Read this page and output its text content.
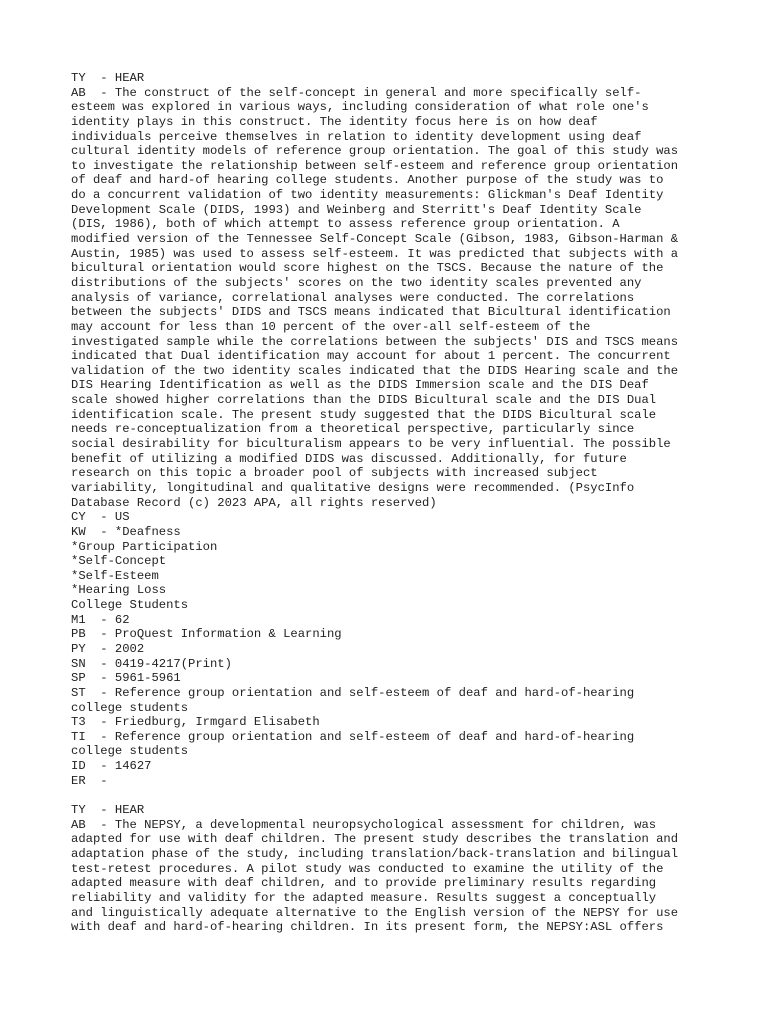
TY  - HEAR
AB  - The construct of the self-concept in general and more specifically self-
esteem was explored in various ways, including consideration of what role one's
identity plays in this construct. The identity focus here is on how deaf
individuals perceive themselves in relation to identity development using deaf
cultural identity models of reference group orientation. The goal of this study was
to investigate the relationship between self-esteem and reference group orientation
of deaf and hard-of hearing college students. Another purpose of the study was to
do a concurrent validation of two identity measurements: Glickman's Deaf Identity
Development Scale (DIDS, 1993) and Weinberg and Sterritt's Deaf Identity Scale
(DIS, 1986), both of which attempt to assess reference group orientation. A
modified version of the Tennessee Self-Concept Scale (Gibson, 1983, Gibson-Harman &
Austin, 1985) was used to assess self-esteem. It was predicted that subjects with a
bicultural orientation would score highest on the TSCS. Because the nature of the
distributions of the subjects' scores on the two identity scales prevented any
analysis of variance, correlational analyses were conducted. The correlations
between the subjects' DIDS and TSCS means indicated that Bicultural identification
may account for less than 10 percent of the over-all self-esteem of the
investigated sample while the correlations between the subjects' DIS and TSCS means
indicated that Dual identification may account for about 1 percent. The concurrent
validation of the two identity scales indicated that the DIDS Hearing scale and the
DIS Hearing Identification as well as the DIDS Immersion scale and the DIS Deaf
scale showed higher correlations than the DIDS Bicultural scale and the DIS Dual
identification scale. The present study suggested that the DIDS Bicultural scale
needs re-conceptualization from a theoretical perspective, particularly since
social desirability for biculturalism appears to be very influential. The possible
benefit of utilizing a modified DIDS was discussed. Additionally, for future
research on this topic a broader pool of subjects with increased subject
variability, longitudinal and qualitative designs were recommended. (PsycInfo
Database Record (c) 2023 APA, all rights reserved)
CY  - US
KW  - *Deafness
*Group Participation
*Self-Concept
*Self-Esteem
*Hearing Loss
College Students
M1  - 62
PB  - ProQuest Information & Learning
PY  - 2002
SN  - 0419-4217(Print)
SP  - 5961-5961
ST  - Reference group orientation and self-esteem of deaf and hard-of-hearing
college students
T3  - Friedburg, Irmgard Elisabeth
TI  - Reference group orientation and self-esteem of deaf and hard-of-hearing
college students
ID  - 14627
ER  -
TY  - HEAR
AB  - The NEPSY, a developmental neuropsychological assessment for children, was
adapted for use with deaf children. The present study describes the translation and
adaptation phase of the study, including translation/back-translation and bilingual
test-retest procedures. A pilot study was conducted to examine the utility of the
adapted measure with deaf children, and to provide preliminary results regarding
reliability and validity for the adapted measure. Results suggest a conceptually
and linguistically adequate alternative to the English version of the NEPSY for use
with deaf and hard-of-hearing children. In its present form, the NEPSY:ASL offers
